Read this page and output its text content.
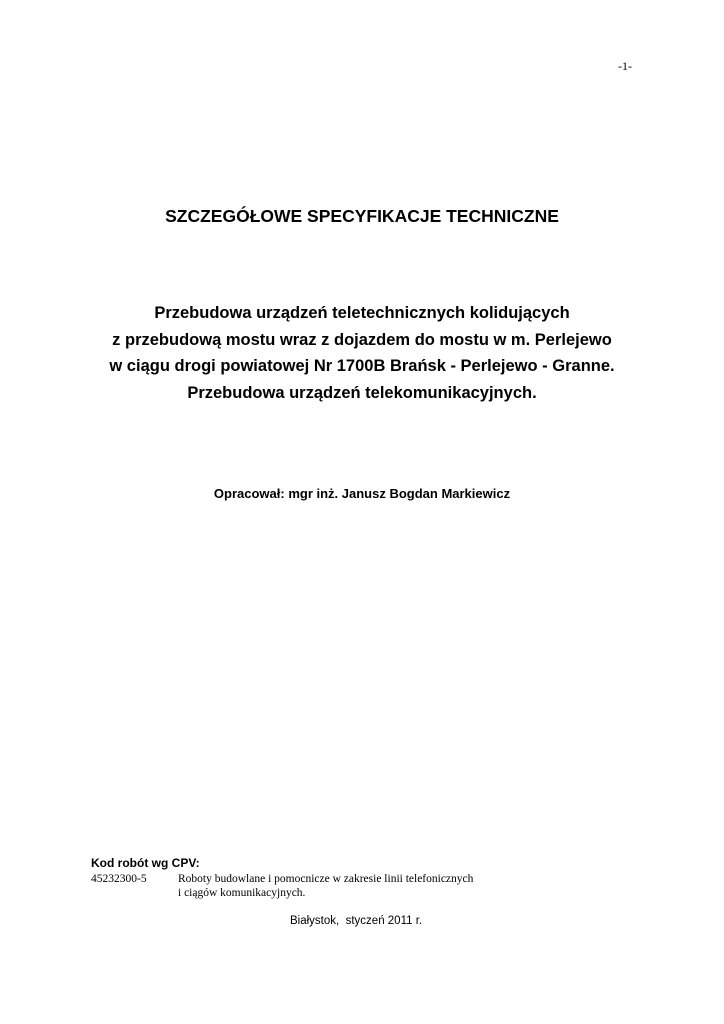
-1-
SZCZEGÓŁOWE SPECYFIKACJE TECHNICZNE
Przebudowa urządzeń teletechnicznych kolidujących
z przebudową mostu wraz z dojazdem do mostu w m. Perlejewo
w ciągu drogi powiatowej Nr 1700B Brańsk - Perlejewo - Granne.
Przebudowa urządzeń telekomunikacyjnych.
Opracował: mgr inż. Janusz Bogdan Markiewicz
Kod robót wg CPV:
45232300-5	Roboty budowlane i pomocnicze w zakresie linii telefonicznych
i ciągów komunikacyjnych.
Białystok,  styczeń 2011 r.
